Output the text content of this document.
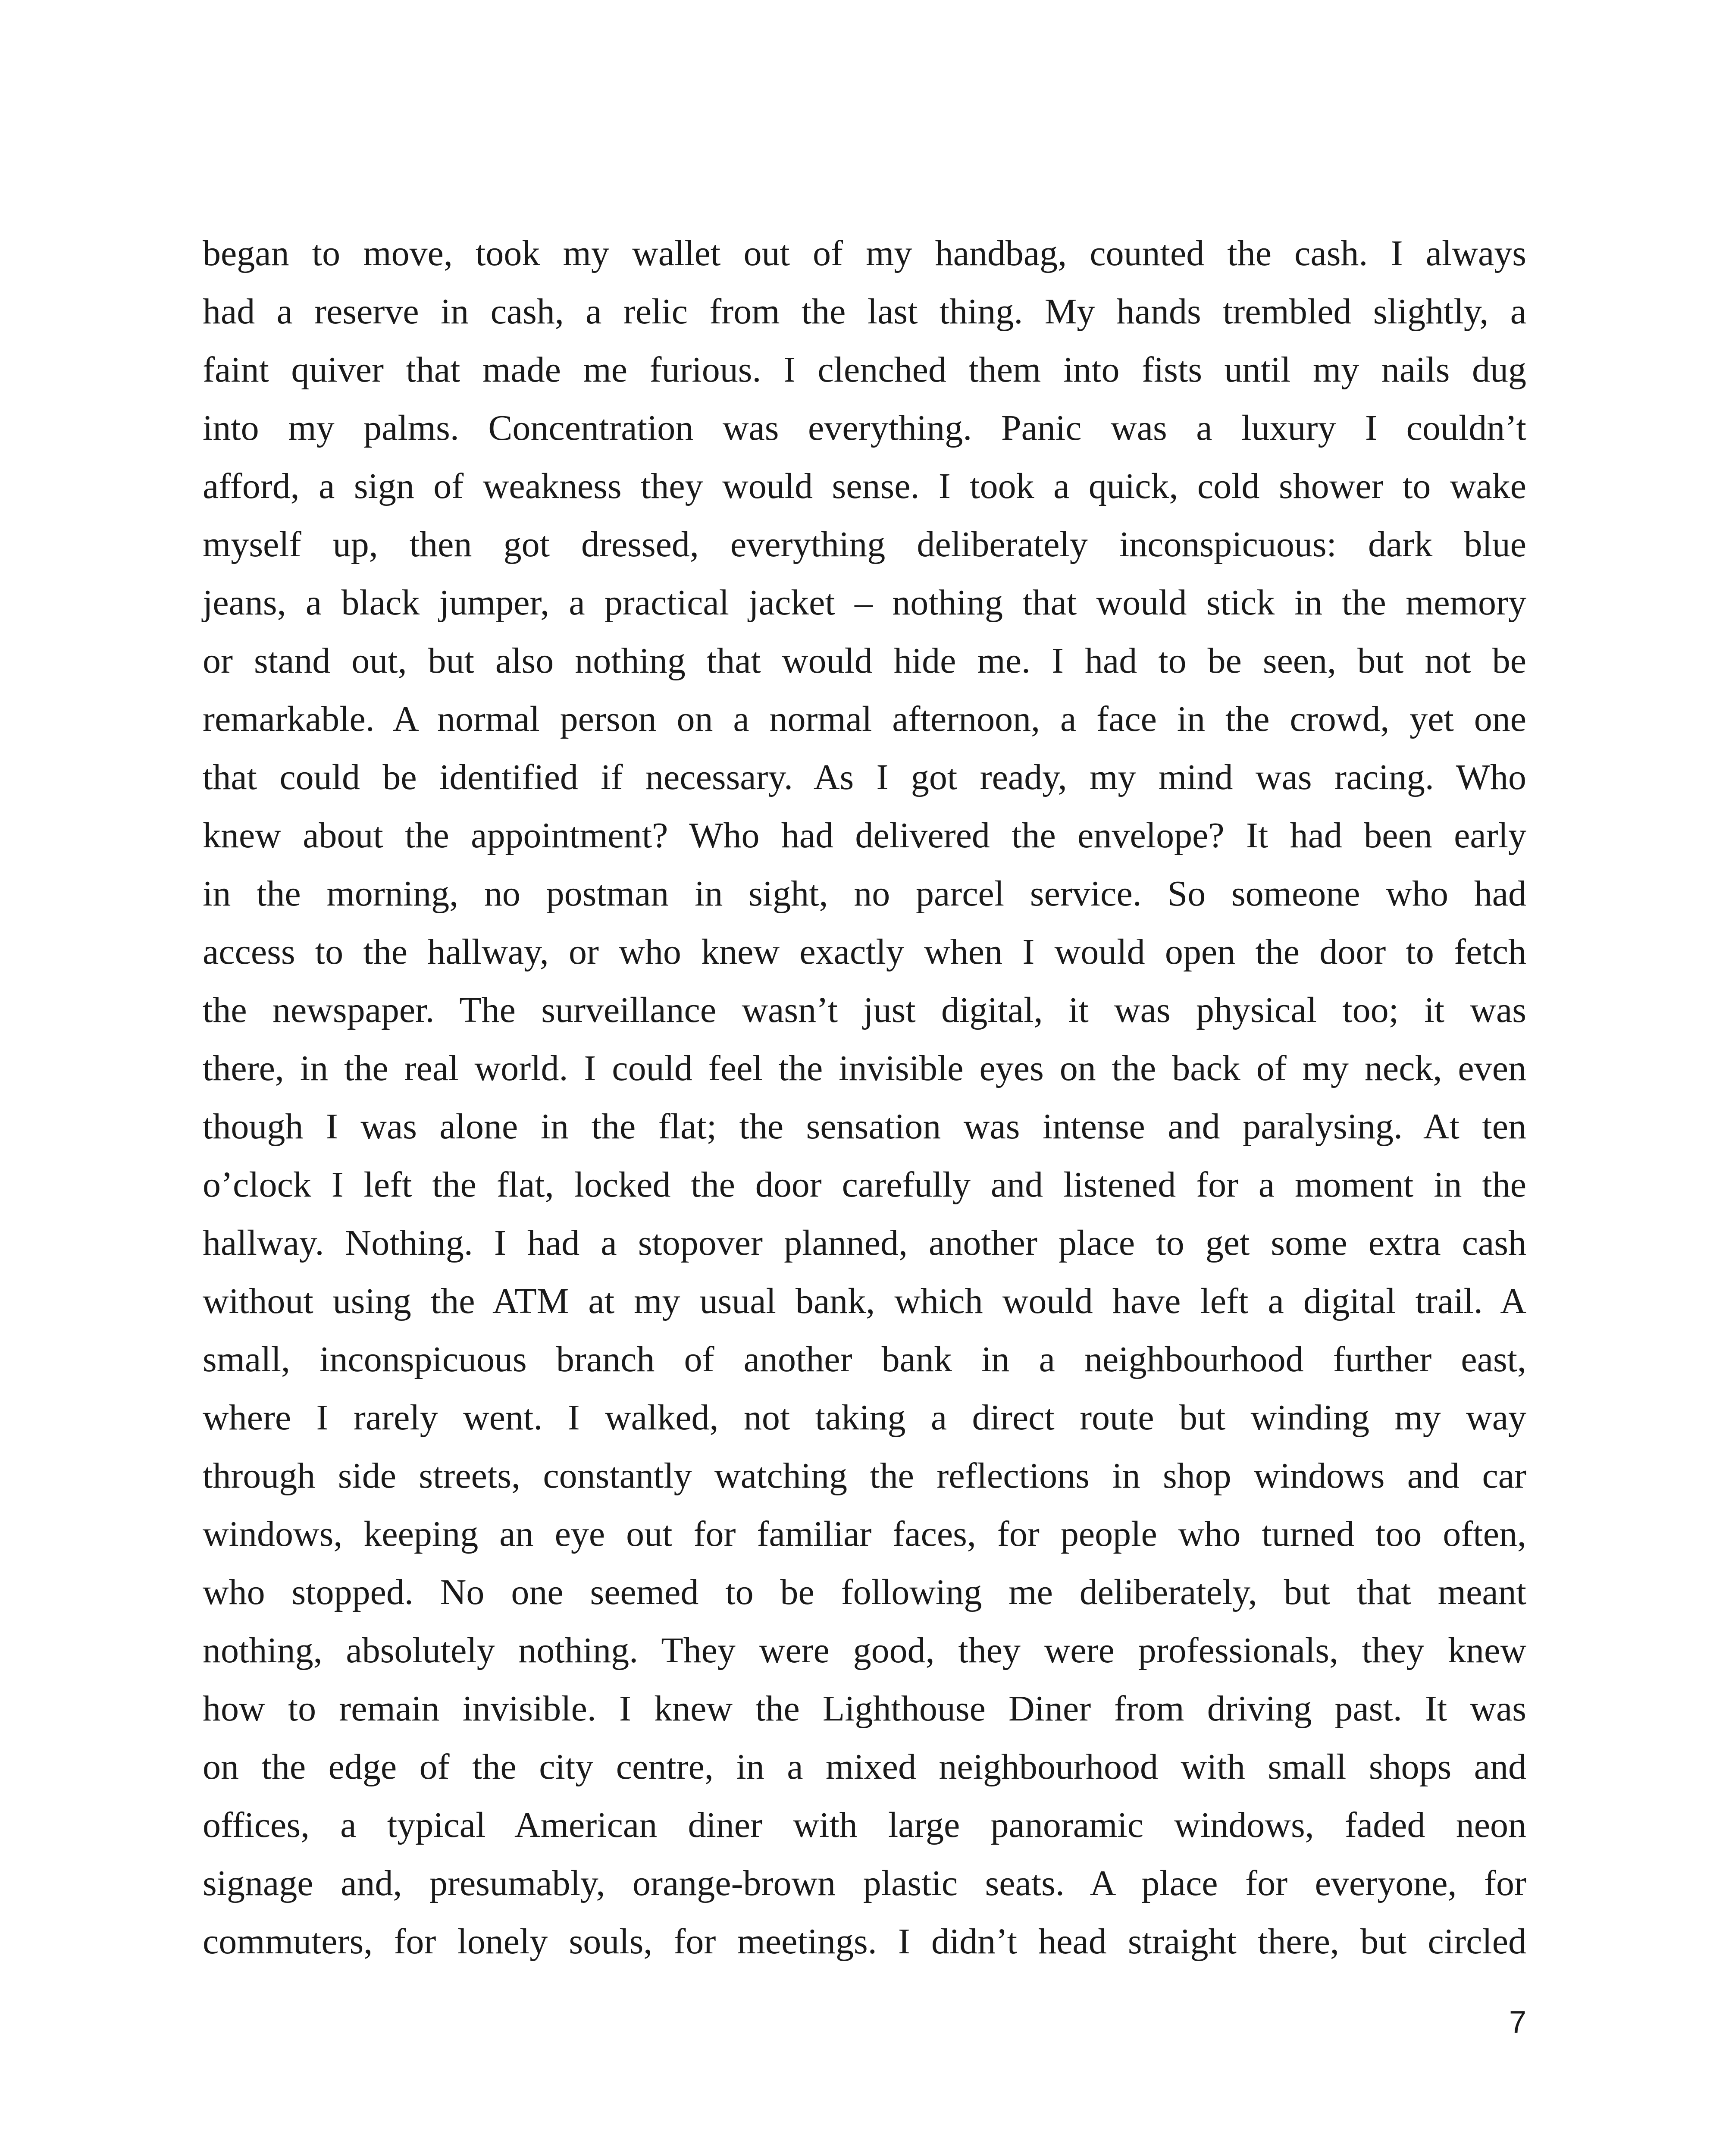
began to move, took my wallet out of my handbag, counted the cash. I always
had a reserve in cash, a relic from the last thing. My hands trembled slightly, a
faint quiver that made me furious. I clenched them into fists until my nails dug
into my palms. Concentration was everything. Panic was a luxury I couldn’t
afford, a sign of weakness they would sense. I took a quick, cold shower to wake
myself up, then got dressed, everything deliberately inconspicuous: dark blue
jeans, a black jumper, a practical jacket – nothing that would stick in the memory
or stand out, but also nothing that would hide me. I had to be seen, but not be
remarkable. A normal person on a normal afternoon, a face in the crowd, yet one
that could be identified if necessary. As I got ready, my mind was racing. Who
knew about the appointment? Who had delivered the envelope? It had been early
in the morning, no postman in sight, no parcel service. So someone who had
access to the hallway, or who knew exactly when I would open the door to fetch
the newspaper. The surveillance wasn’t just digital, it was physical too; it was
there, in the real world. I could feel the invisible eyes on the back of my neck, even
though I was alone in the flat; the sensation was intense and paralysing. At ten
o’clock I left the flat, locked the door carefully and listened for a moment in the
hallway. Nothing. I had a stopover planned, another place to get some extra cash
without using the ATM at my usual bank, which would have left a digital trail. A
small, inconspicuous branch of another bank in a neighbourhood further east,
where I rarely went. I walked, not taking a direct route but winding my way
through side streets, constantly watching the reflections in shop windows and car
windows, keeping an eye out for familiar faces, for people who turned too often,
who stopped. No one seemed to be following me deliberately, but that meant
nothing, absolutely nothing. They were good, they were professionals, they knew
how to remain invisible. I knew the Lighthouse Diner from driving past. It was
on the edge of the city centre, in a mixed neighbourhood with small shops and
offices, a typical American diner with large panoramic windows, faded neon
signage and, presumably, orange-brown plastic seats. A place for everyone, for
commuters, for lonely souls, for meetings. I didn’t head straight there, but circled
7
